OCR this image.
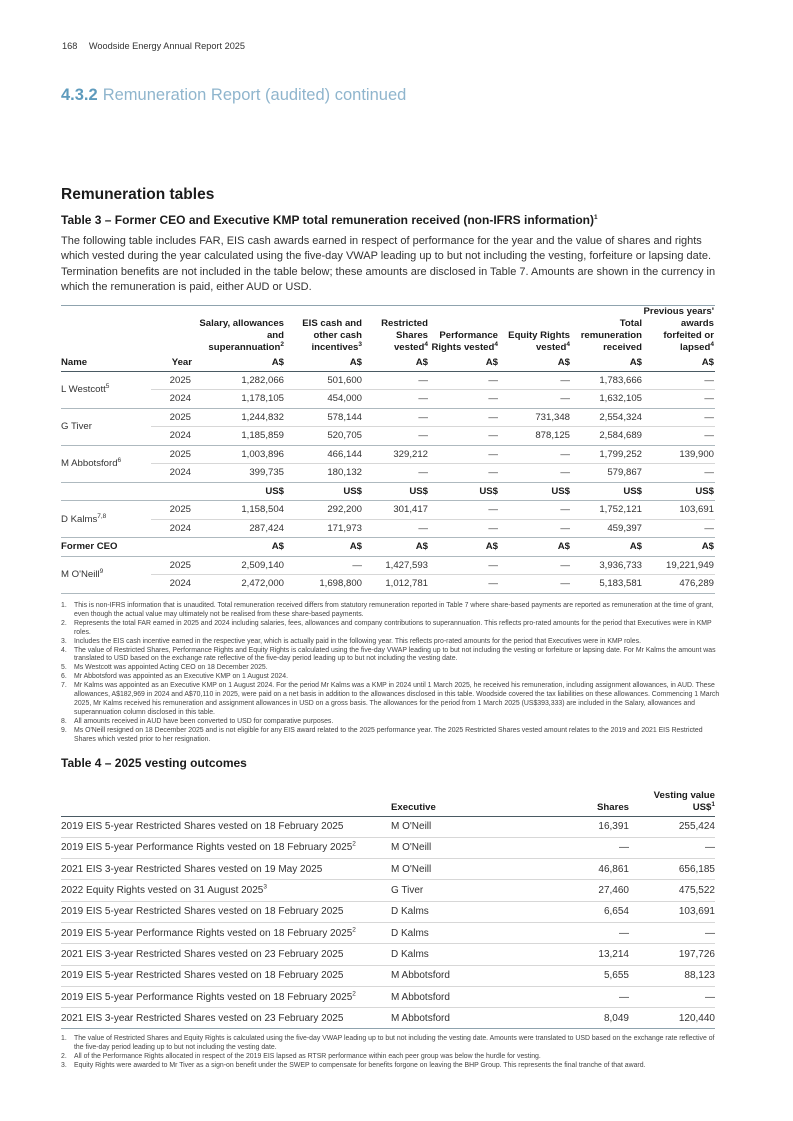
168 Woodside Energy Annual Report 2025
4.3.2 Remuneration Report (audited) continued
Remuneration tables
Table 3 – Former CEO and Executive KMP total remuneration received (non-IFRS information)$^1$

The following table includes FAR, EIS cash awards earned in respect of performance for the year and the value of shares and rights which vested during the year calculated using the five-day VWAP leading up to but not including the vesting, forfeiture or lapsing date. Termination benefits are not included in the table below; these amounts are disclosed in Table 7. Amounts are shown in the currency in which the remuneration is paid, either AUD or USD.

		Salary, allowances and superannuation$^2$	EIS cash and other cash incentives$^3$	Restricted Shares vested$^4$	Performance Rights vested$^4$	Equity Rights vested$^4$	Total remuneration received	Previous years' awards forfeited or lapsed$^4$
Name	Year	A$	A$	A$	A$	A$	A$	A$
L Westcott$^5$	2025	1,282,066	501,600	—	—	—	1,783,666	—
	2024	1,178,105	454,000	—	—	—	1,632,105	—
G Tiver	2025	1,244,832	578,144	—	—	731,348	2,554,324	—
	2024	1,185,859	520,705	—	—	878,125	2,584,689	—
M Abbotsford$^6$	2025	1,003,896	466,144	329,212	—	—	1,799,252	139,900
	2024	399,735	180,132	—	—	—	579,867	—
		US$	US$	US$	US$	US$	US$	US$
D Kalms$^{7,8}$	2025	1,158,504	292,200	301,417	—	—	1,752,121	103,691
	2024	287,424	171,973	—	—	—	459,397	—
Former CEO		A$	A$	A$	A$	A$	A$	A$
M O'Neill$^9$	2025	2,509,140	—	1,427,593	—	—	3,936,733	19,221,949
	2024	2,472,000	1,698,800	1,012,781	—	—	5,183,581	476,289
1. This is non-IFRS information that is unaudited. Total remuneration received differs from statutory remuneration reported in Table 7 where share-based payments are reported as remuneration at the time of grant, even though the actual value may ultimately not be realised from these share-based payments.
2. Represents the total FAR earned in 2025 and 2024 including salaries, fees, allowances and company contributions to superannuation. This reflects pro-rated amounts for the period that Executives were in KMP roles.
3. Includes the EIS cash incentive earned in the respective year, which is actually paid in the following year. This reflects pro-rated amounts for the period that Executives were in KMP roles.
4. The value of Restricted Shares, Performance Rights and Equity Rights is calculated using the five-day VWAP leading up to but not including the vesting or forfeiture or lapsing date. For Mr Kalms the amount was translated to USD based on the exchange rate reflective of the five-day period leading up to but not including the vesting date.
5. Ms Westcott was appointed Acting CEO on 18 December 2025.
6. Mr Abbotsford was appointed as an Executive KMP on 1 August 2024.
7. Mr Kalms was appointed as an Executive KMP on 1 August 2024. For the period Mr Kalms was a KMP in 2024 until 1 March 2025, he received his remuneration, including assignment allowances, in AUD. These allowances, A$182,969 in 2024 and A$70,110 in 2025, were paid on a net basis in addition to the allowances disclosed in this table. Woodside covered the tax liabilities on these allowances. Commencing 1 March 2025, Mr Kalms received his remuneration and assignment allowances in USD on a gross basis. The allowances for the period from 1 March 2025 (US$393,333) are included in the Salary, allowances and superannuation column disclosed in this table.
8. All amounts received in AUD have been converted to USD for comparative purposes.
9. Ms O'Neill resigned on 18 December 2025 and is not eligible for any EIS award related to the 2025 performance year. The 2025 Restricted Shares vested amount relates to the 2019 and 2021 EIS Restricted Shares which vested prior to her resignation.
Table 4 – 2025 vesting outcomes
	Executive	Shares	Vesting value
US\$$^1$
2019 EIS 5-year Restricted Shares vested on 18 February 2025	M O'Neill	16,391	255,424
2019 EIS 5-year Performance Rights vested on 18 February 2025$^2$	M O'Neill	—	—
2021 EIS 3-year Restricted Shares vested on 19 May 2025	M O'Neill	46,861	656,185
2022 Equity Rights vested on 31 August 2025$^3$	G Tiver	27,460	475,522
2019 EIS 5-year Restricted Shares vested on 18 February 2025	D Kalms	6,654	103,691
2019 EIS 5-year Performance Rights vested on 18 February 2025$^2$	D Kalms	—	—
2021 EIS 3-year Restricted Shares vested on 23 February 2025	D Kalms	13,214	197,726
2019 EIS 5-year Restricted Shares vested on 18 February 2025	M Abbotsford	5,655	88,123
2019 EIS 5-year Performance Rights vested on 18 February 2025$^2$	M Abbotsford	—	—
2021 EIS 3-year Restricted Shares vested on 23 February 2025	M Abbotsford	8,049	120,440
1. The value of Restricted Shares and Equity Rights is calculated using the five-day VWAP leading up to but not including the vesting date. Amounts were translated to USD based on the exchange rate reflective of the five-day period leading up to but not including the vesting date.
2. All of the Performance Rights allocated in respect of the 2019 EIS lapsed as RTSR performance within each peer group was below the hurdle for vesting.
3. Equity Rights were awarded to Mr Tiver as a sign-on benefit under the SWEP to compensate for benefits forgone on leaving the BHP Group. This represents the final tranche of that award.
